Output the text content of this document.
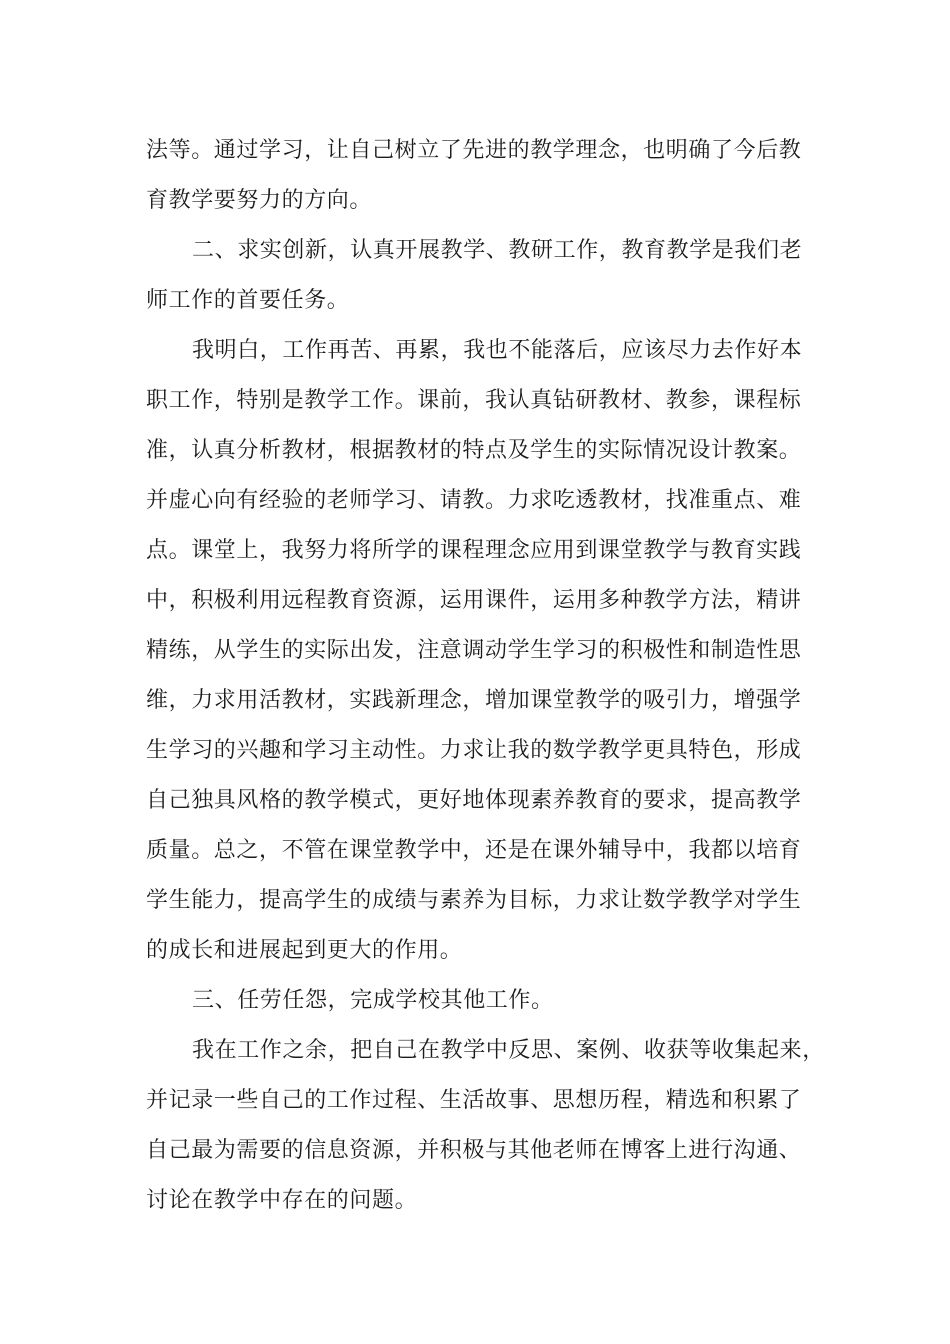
法等。通过学习，让自己树立了先进的教学理念，也明确了今后教

育教学要努力的方向。

二、求实创新，认真开展教学、教研工作，教育教学是我们老

师工作的首要任务。

我明白，工作再苦、再累，我也不能落后，应该尽力去作好本

职工作，特别是教学工作。课前，我认真钻研教材、教参，课程标

准，认真分析教材，根据教材的特点及学生的实际情况设计教案。

并虚心向有经验的老师学习、请教。力求吃透教材，找准重点、难

点。课堂上，我努力将所学的课程理念应用到课堂教学与教育实践

中，积极利用远程教育资源，运用课件，运用多种教学方法，精讲

精练，从学生的实际出发，注意调动学生学习的积极性和制造性思

维，力求用活教材，实践新理念，增加课堂教学的吸引力，增强学

生学习的兴趣和学习主动性。力求让我的数学教学更具特色，形成

自己独具风格的教学模式，更好地体现素养教育的要求，提高教学

质量。总之，不管在课堂教学中，还是在课外辅导中，我都以培育

学生能力，提高学生的成绩与素养为目标，力求让数学教学对学生

的成长和进展起到更大的作用。

三、任劳任怨，完成学校其他工作。

我在工作之余，把自己在教学中反思、案例、收获等收集起来，

并记录一些自己的工作过程、生活故事、思想历程，精选和积累了

自己最为需要的信息资源，并积极与其他老师在博客上进行沟通、

讨论在教学中存在的问题。
